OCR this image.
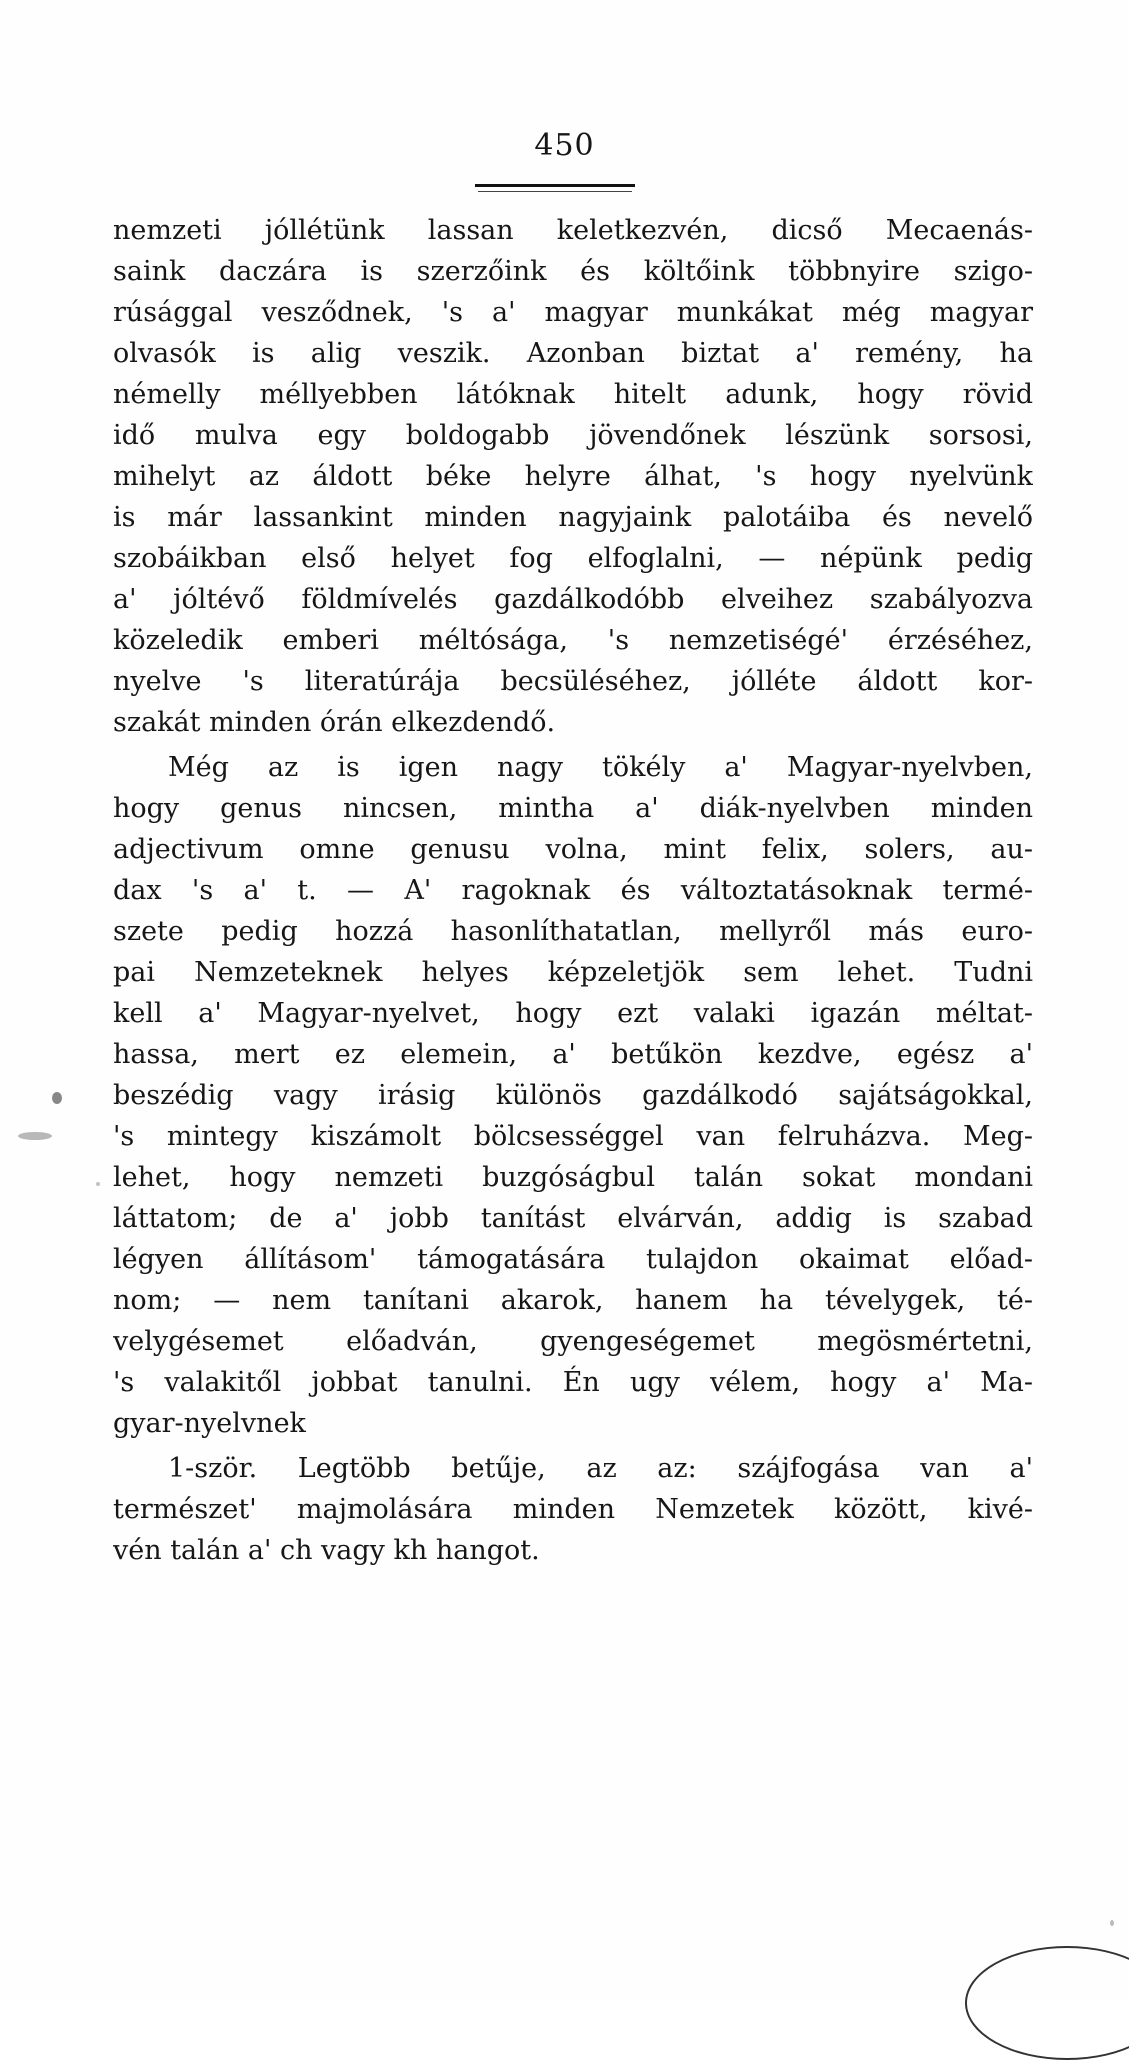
450
nemzeti jóllétünk lassan keletkezvén, dicső Mecaenás-
saink daczára is szerzőink és költőink többnyire szigo-
rúsággal vesződnek, 's a' magyar munkákat még magyar
olvasók is alig veszik. Azonban biztat a' remény, ha
némelly méllyebben látóknak hitelt adunk, hogy rövid
idő mulva egy boldogabb jövendőnek lészünk sorsosi,
mihelyt az áldott béke helyre álhat, 's hogy nyelvünk
is már lassankint minden nagyjaink palotáiba és nevelő
szobáikban első helyet fog elfoglalni, — népünk pedig
a' jóltévő földmívelés gazdálkodóbb elveihez szabályozva
közeledik emberi méltósága, 's nemzetiségé' érzéséhez,
nyelve 's literatúrája becsüléséhez, jólléte áldott kor-
szakát minden órán elkezdendő.
Még az is igen nagy tökély a' Magyar-nyelvben,
hogy genus nincsen, mintha a' diák-nyelvben minden
adjectivum omne genusu volna, mint felix, solers, au-
dax 's a' t. — A' ragoknak és változtatásoknak termé-
szete pedig hozzá hasonlíthatatlan, mellyről más euro-
pai Nemzeteknek helyes képzeletjök sem lehet. Tudni
kell a' Magyar-nyelvet, hogy ezt valaki igazán méltat-
hassa, mert ez elemein, a' betűkön kezdve, egész a'
beszédig vagy irásig különös gazdálkodó sajátságokkal,
's mintegy kiszámolt bölcsességgel van felruházva. Meg-
lehet, hogy nemzeti buzgóságbul talán sokat mondani
láttatom; de a' jobb tanítást elvárván, addig is szabad
légyen állításom' támogatására tulajdon okaimat előad-
nom; — nem tanítani akarok, hanem ha tévelygek, té-
velygésemet előadván, gyengeségemet megösmértetni,
's valakitől jobbat tanulni. Én ugy vélem, hogy a' Ma-
gyar-nyelvnek
1-ször. Legtöbb betűje, az az: szájfogása van a'
természet' majmolására minden Nemzetek között, kivé-
vén talán a' ch vagy kh hangot.
